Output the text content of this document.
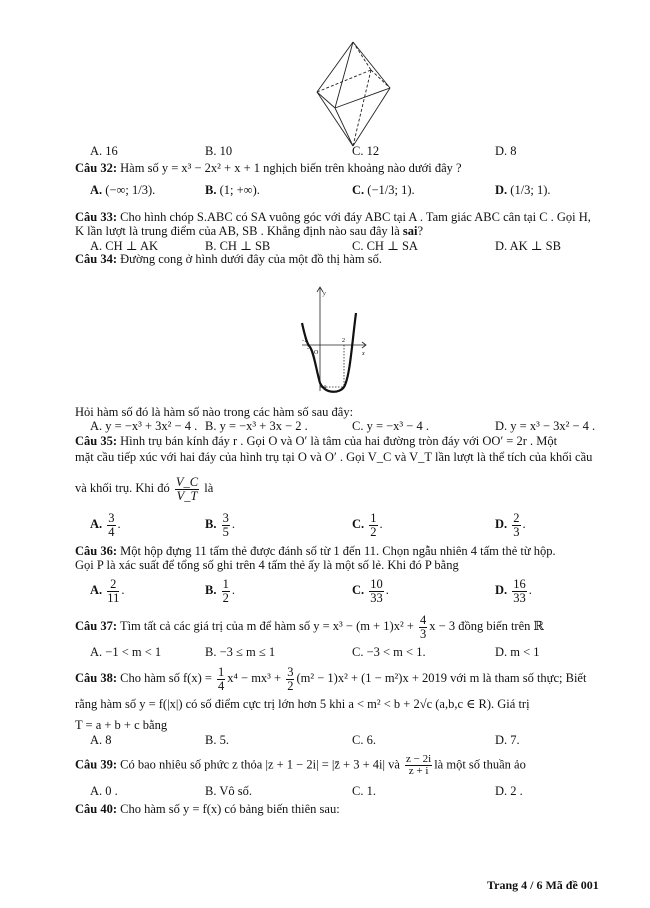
A. 16	B. 10	C. 12	D. 8
Câu 32: Hàm số y = x³ − 2x² + x + 1 nghịch biến trên khoảng nào dưới đây ?
A. (−∞; 1/3).	B. (1; +∞).	C. (−1/3; 1).	D. (1/3; 1).
Câu 33: Cho hình chóp S.ABC có SA vuông góc với đáy ABC tại A . Tam giác ABC cân tại C . Gọi H,
K lần lượt là trung điểm của AB, SB . Khẳng định nào sau đây là sai?
A. CH ⊥ AK	B. CH ⊥ SB	C. CH ⊥ SA	D. AK ⊥ SB
Câu 34: Đường cong ở hình dưới đây của một đồ thị hàm số.
y
x
-1
O
2
-4
Hỏi hàm số đó là hàm số nào trong các hàm số sau đây:
A. y = −x³ + 3x² − 4 . B. y = −x³ + 3x − 2 .	C. y = −x³ − 4 .	D. y = x³ − 3x² − 4 .
Câu 35: Hình trụ bán kính đáy r . Gọi O và O′ là tâm của hai đường tròn đáy với OO′ = 2r . Một
mặt cầu tiếp xúc với hai đáy của hình trụ tại O và O′ . Gọi V_C và V_T lần lượt là thể tích của khối cầu
và khối trụ. Khi đó $\frac{V\_C}{V\_T}$ là
A. $\frac{3}{4}$ .	B. $\frac{3}{5}$ .	C. $\frac{1}{2}$ .	D. $\frac{2}{3}$ .
Câu 36: Một hộp đựng 11 tấm thẻ được đánh số từ 1 đến 11. Chọn ngẫu nhiên 4 tấm thẻ từ hộp.
Gọi P là xác suất để tổng số ghi trên 4 tấm thẻ ấy là một số lẻ. Khi đó P bằng
A. $\frac{2}{11}$ .	B. $\frac{1}{2}$ .	C. $\frac{10}{33}$ .	D. $\frac{16}{33}$ .
Câu 37: Tìm tất cả các giá trị của m để hàm số $y = x^3 - (m + 1)x^2 + \frac{4}{3}$ x − 3 đồng biến trên ℝ
A. −1 < m < 1	B. −3 ≤ m ≤ 1	C. −3 < m < 1.	D. m < 1
Câu 38: Cho hàm số $f(x) = \frac{1}{4} x^4 - mx^3 + \frac{3}{2} (m^2 - 1)x^2 + (1 - m^2)x + 2019$ với m là tham số thực; Biết
rằng hàm số y = f(|x|) có số điểm cực trị lớn hơn 5 khi a < m² < b + 2√c (a,b,c ∈ R). Giá trị
T = a + b + c bằng
A. 8	B. 5.	C. 6.	D. 7.
Câu 39: Có bao nhiêu số phức z thỏa |z + 1 − 2i| = |z̄ + 3 + 4i| và $\frac{z - 2i}{z + i}$ là một số thuần ảo
A. 0 .	B. Vô số.	C. 1.	D. 2 .
Câu 40: Cho hàm số y = f(x) có bảng biến thiên sau:
Trang 4 / 6 Mã đề 001
